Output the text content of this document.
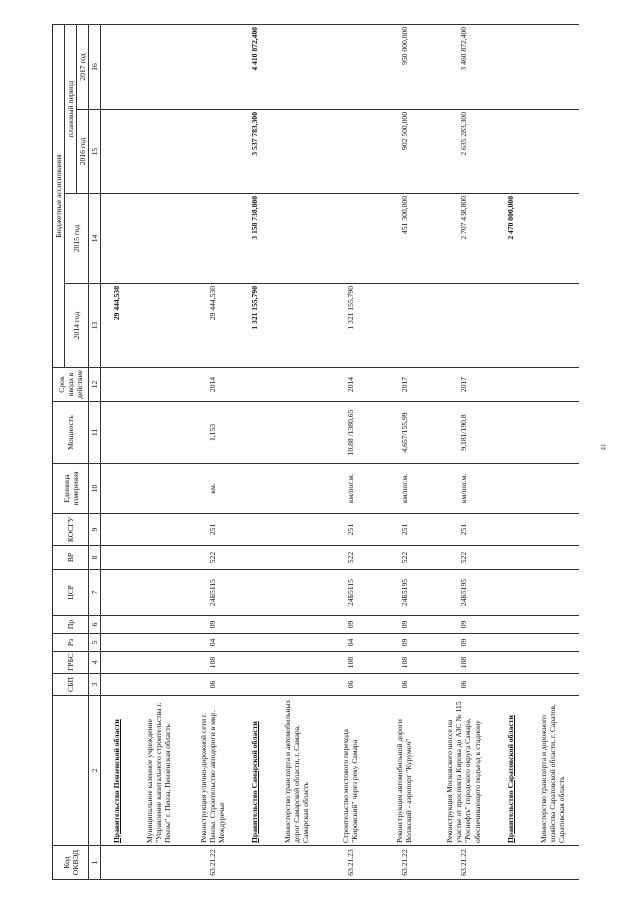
Код ОКВЭД		СБП	ГРБС	Рз	Пр	ЦСР	ВР	КОСГУ	Единица измерения	Мощность	Срок ввода в действие	Бюджетные ассигнования			
												2014 год	2015 год	плановый период	
														2016 год	2017 год
1	2	3	4	5	6	7	8	9	10	11	12	13	14	15	16
	Правительство Пензенской области											29 444,530			
	Муниципальное казенное учреждение "Управление капитального строительства г. Пензы" г. Пенза, Пензенская область														
63.21.22	Реконструкция улично-дорожной сети г. Пензы. Строительство автодороги в мкр. Междуречье	06	108	04	09	24Б5115	522	251	км.	1,153	2014	29 444,530			
	Правительство Самарской области											1 321 155,790	3 158 738,800	3 537 783,300	4 410 872,400
	Министерство транспорта и автомобильных дорог Самарской области, г. Самара, Самарская область														
63.21.23	Строительство мостового перехода "Кировский" через реку Самара	06	108	04	09	24Б5115	522	251	км/пог.м.	10,88 /1380,65	2014	1 321 155,790			
63.21.22	Реконструкция автомобильной дороги Волжский - аэропорт "Курумоч"	06	108	09	09	24Б5195	522	251	км/пог.м.	4,657/155,99	2017		451 300,000	902 500,000	950 000,000
63.21.22	Реконструкция Московского шоссе на участке от проспекта Кирова до АЗС № 115 "Роснефть" городского округа Самара, обеспечивающего подъезд к стадиону	06	108	09	09	24Б5195	522	251	км/пог.м.	9,181/190,8	2017		2 707 438,800	2 635 283,300	3 460 872,400
	Правительство Саратовской области												2 470 000,000		
	Министерство транспорта и дорожного хозяйства Саратовской области, г. Саратов, Саратовская область														
41
